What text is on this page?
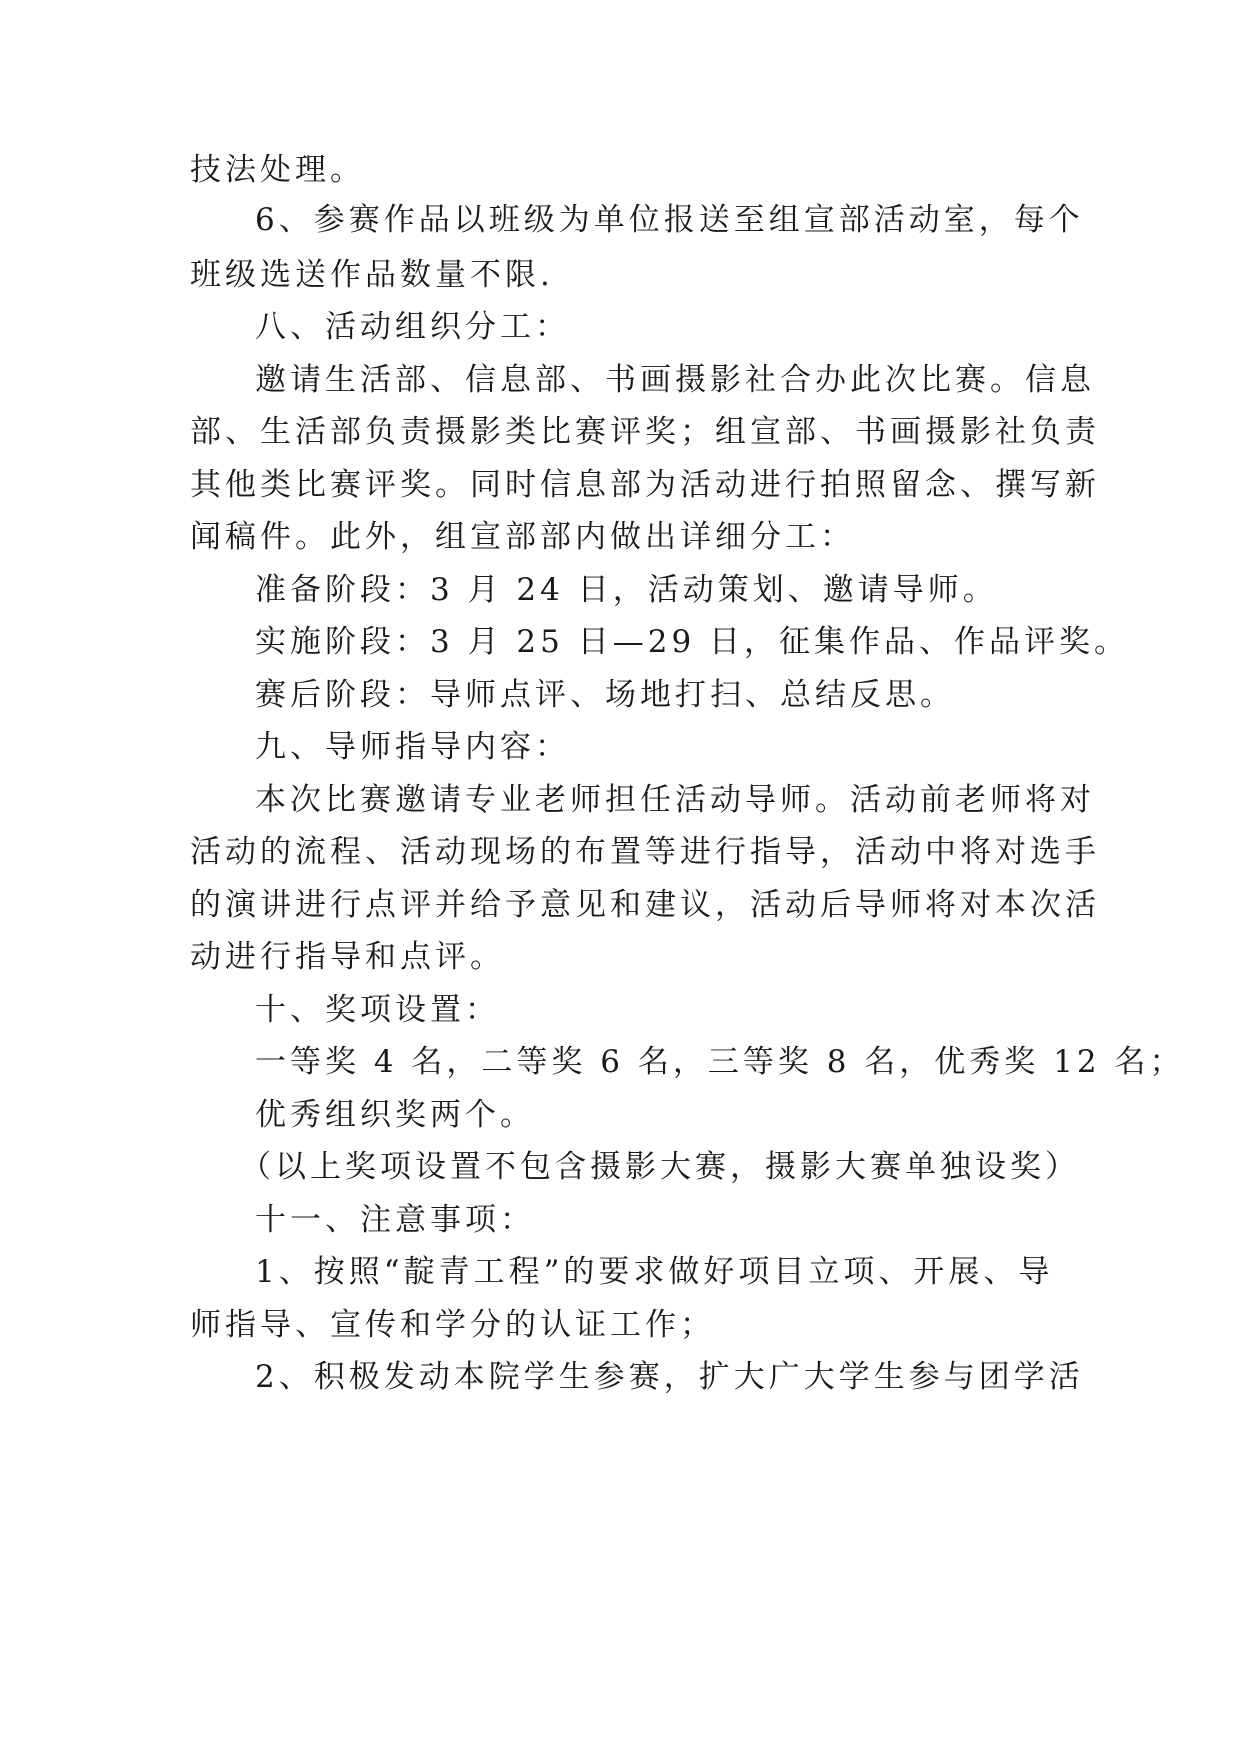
技法处理。
6、参赛作品以班级为单位报送至组宣部活动室，每个
班级选送作品数量不限.
八、活动组织分工：
邀请生活部、信息部、书画摄影社合办此次比赛。信息
部、生活部负责摄影类比赛评奖；组宣部、书画摄影社负责
其他类比赛评奖。同时信息部为活动进行拍照留念、撰写新
闻稿件。此外，组宣部部内做出详细分工：
准备阶段：3 月 24 日，活动策划、邀请导师。
实施阶段：3 月 25 日—29 日，征集作品、作品评奖。
赛后阶段：导师点评、场地打扫、总结反思。
九、导师指导内容：
本次比赛邀请专业老师担任活动导师。活动前老师将对
活动的流程、活动现场的布置等进行指导，活动中将对选手
的演讲进行点评并给予意见和建议，活动后导师将对本次活
动进行指导和点评。
十、奖项设置：
一等奖 4 名，二等奖 6 名，三等奖 8 名，优秀奖 12 名；
优秀组织奖两个。
（以上奖项设置不包含摄影大赛，摄影大赛单独设奖）
十一、注意事项：
1、按照“靛青工程”的要求做好项目立项、开展、导
师指导、宣传和学分的认证工作；
2、积极发动本院学生参赛，扩大广大学生参与团学活
